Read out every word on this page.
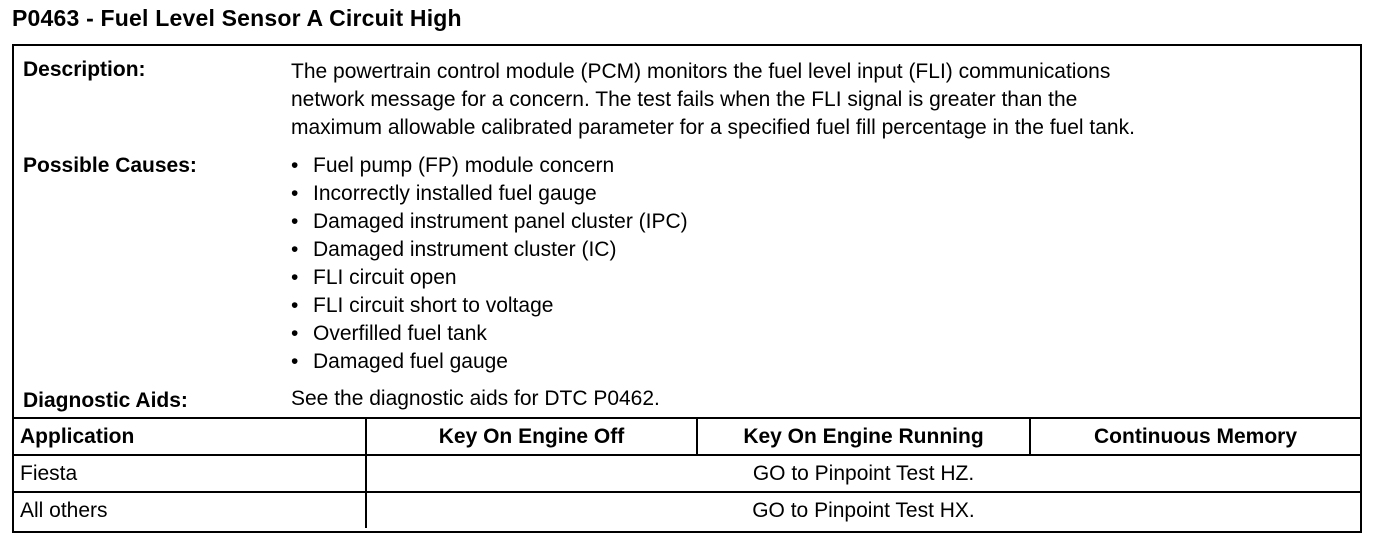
P0463 - Fuel Level Sensor A Circuit High
Description:	The powertrain control module (PCM) monitors the fuel level input (FLI) communications
network message for a concern. The test fails when the FLI signal is greater than the
maximum allowable calibrated parameter for a specified fuel fill percentage in the fuel tank.
Possible Causes:	• Fuel pump (FP) module concern
• Incorrectly installed fuel gauge
• Damaged instrument panel cluster (IPC)
• Damaged instrument cluster (IC)
• FLI circuit open
• FLI circuit short to voltage
• Overfilled fuel tank
• Damaged fuel gauge
Diagnostic Aids:	See the diagnostic aids for DTC P0462.
Application	Key On Engine Off	Key On Engine Running	Continuous Memory
Fiesta	GO to Pinpoint Test HZ.		
All others	GO to Pinpoint Test HX.		
